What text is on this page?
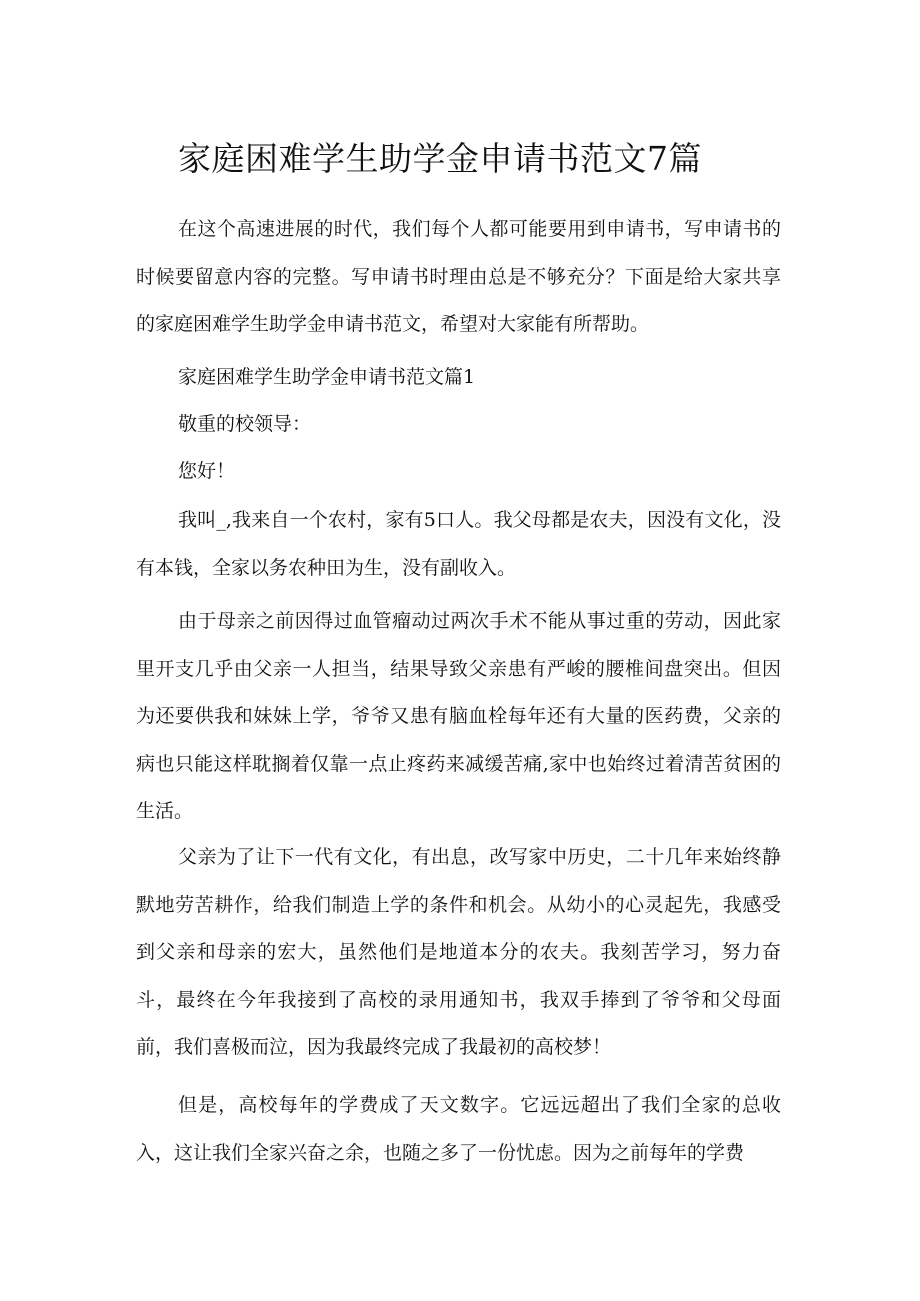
家庭困难学生助学金申请书范文7篇

在这个高速进展的时代，我们每个人都可能要用到申请书，写申请书的时候要留意内容的完整。写申请书时理由总是不够充分？下面是给大家共享的家庭困难学生助学金申请书范文，希望对大家能有所帮助。

家庭困难学生助学金申请书范文篇1

敬重的校领导：

您好！

我叫_,我来自一个农村，家有5口人。我父母都是农夫，因没有文化，没有本钱，全家以务农种田为生，没有副收入。

由于母亲之前因得过血管瘤动过两次手术不能从事过重的劳动，因此家里开支几乎由父亲一人担当，结果导致父亲患有严峻的腰椎间盘突出。但因为还要供我和妹妹上学，爷爷又患有脑血栓每年还有大量的医药费，父亲的病也只能这样耽搁着仅靠一点止疼药来减缓苦痛,家中也始终过着清苦贫困的生活。

父亲为了让下一代有文化，有出息，改写家中历史，二十几年来始终静默地劳苦耕作，给我们制造上学的条件和机会。从幼小的心灵起先，我感受到父亲和母亲的宏大，虽然他们是地道本分的农夫。我刻苦学习，努力奋斗，最终在今年我接到了高校的录用通知书，我双手捧到了爷爷和父母面前，我们喜极而泣，因为我最终完成了我最初的高校梦！

但是，高校每年的学费成了天文数字。它远远超出了我们全家的总收入，这让我们全家兴奋之余，也随之多了一份忧虑。因为之前每年的学费
